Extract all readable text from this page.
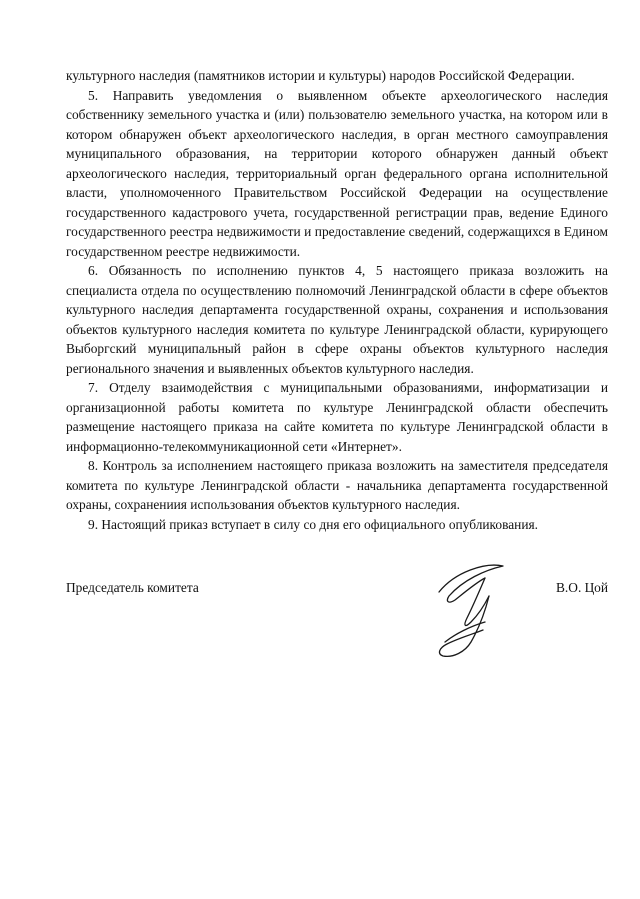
культурного наследия (памятников истории и культуры) народов Российской Федерации.

5. Направить уведомления о выявленном объекте археологического наследия собственнику земельного участка и (или) пользователю земельного участка, на котором или в котором обнаружен объект археологического наследия, в орган местного самоуправления муниципального образования, на территории которого обнаружен данный объект археологического наследия, территориальный орган федерального органа исполнительной власти, уполномоченного Правительством Российской Федерации на осуществление государственного кадастрового учета, государственной регистрации прав, ведение Единого государственного реестра недвижимости и предоставление сведений, содержащихся в Едином государственном реестре недвижимости.

6. Обязанность по исполнению пунктов 4, 5 настоящего приказа возложить на специалиста отдела по осуществлению полномочий Ленинградской области в сфере объектов культурного наследия департамента государственной охраны, сохранения и использования объектов культурного наследия комитета по культуре Ленинградской области, курирующего Выборгский муниципальный район в сфере охраны объектов культурного наследия регионального значения и выявленных объектов культурного наследия.

7. Отделу взаимодействия с муниципальными образованиями, информатизации и организационной работы комитета по культуре Ленинградской области обеспечить размещение настоящего приказа на сайте комитета по культуре Ленинградской области в информационно-телекоммуникационной сети «Интернет».

8. Контроль за исполнением настоящего приказа возложить на заместителя председателя комитета по культуре Ленинградской области - начальника департамента государственной охраны, сохранениия использования объектов культурного наследия.

9. Настоящий приказ вступает в силу со дня его официального опубликования.

Председатель комитета	В.О. Цой
